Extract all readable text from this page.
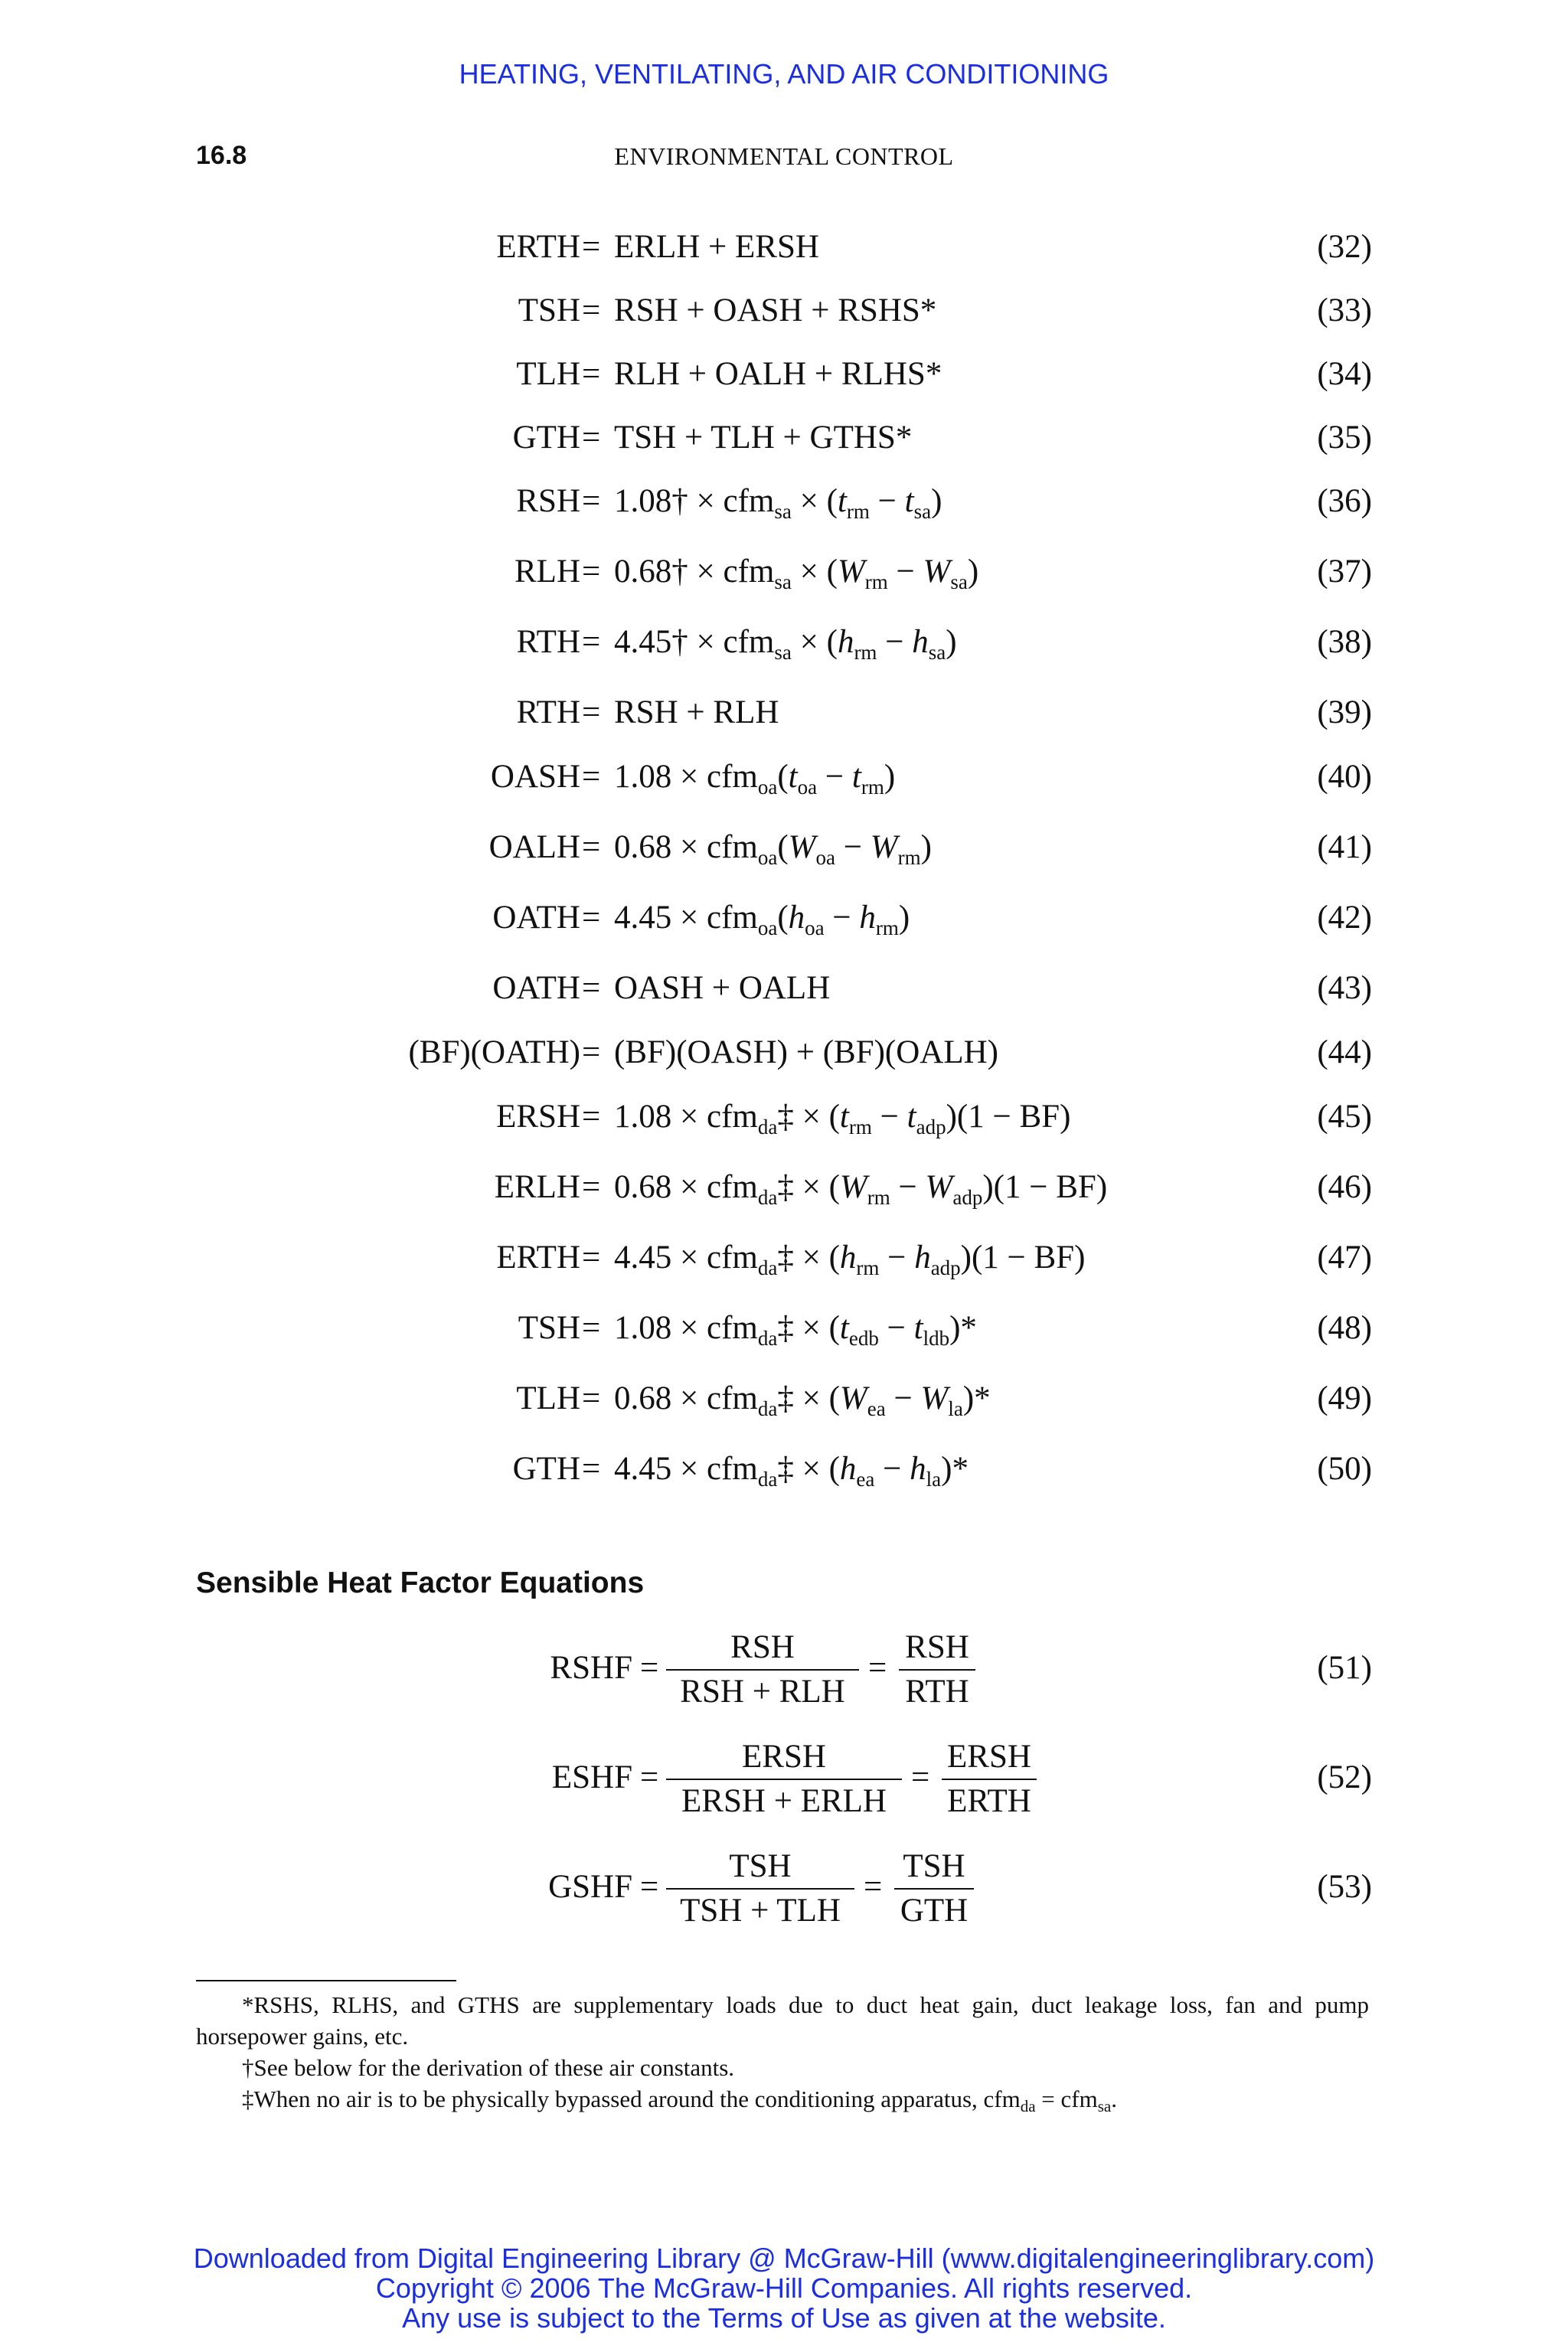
HEATING, VENTILATING, AND AIR CONDITIONING
16.8	ENVIRONMENTAL CONTROL
ERTH = ERLH + ERSH	(32)
TSH = RSH + OASH + RSHS*	(33)
TLH = RLH + OALH + RLHS*	(34)
GTH = TSH + TLH + GTHS*	(35)
RSH = 1.08† × $cfm_{sa} \times (t_{rm} - t_{sa})$	(36)
RLH = 0.68† × $cfm_{sa} \times (W_{rm} - W_{sa})$	(37)
RTH = 4.45† × $cfm_{sa} \times (h_{rm} - h_{sa})$	(38)
RTH = RSH + RLH	(39)
OASH = $1.08 \times cfm_{oa}(t_{oa} - t_{rm})$	(40)
OALH = $0.68 \times cfm_{oa}(W_{oa} - W_{rm})$	(41)
OATH = $4.45 \times cfm_{oa}(h_{oa} - h_{rm})$	(42)
OATH = OASH + OALH	(43)
(BF)(OATH) = (BF)(OASH) + (BF)(OALH)	(44)
ERSH = 1.08 × cfm$_{da}$‡ × $(t_{rm} - t_{adp})(1 - BF)$	(45)
ERLH = 0.68 × cfm$_{da}$‡ × $(W_{rm} - W_{adp})(1 - BF)$	(46)
ERTH = 4.45 × cfm$_{da}$‡ × $(h_{rm} - h_{adp})(1 - BF)$	(47)
TSH = 1.08 × cfm$_{da}$‡ × $(t_{edb} - t_{ldb})*$	(48)
TLH = 0.68 × cfm$_{da}$‡ × $(W_{ea} - W_{la})*$	(49)
GTH = 4.45 × cfm$_{da}$‡ × $(h_{ea} - h_{la})*$	(50)
Sensible Heat Factor Equations
RSHF =
RSH
RSH + RLH
=
RSH
RTH
(51)
ESHF =
ERSH
ERSH + ERLH
=
ERSH
ERTH
(52)
GSHF =
TSH
TSH + TLH
=
TSH
GTH
(53)

*RSHS, RLHS, and GTHS are supplementary loads due to duct heat gain, duct leakage loss, fan and pump horsepower gains, etc.

†See below for the derivation of these air constants.

‡When no air is to be physically bypassed around the conditioning apparatus, cfm$_{da}$ = cfm$_{sa}$.

Downloaded from Digital Engineering Library @ McGraw-Hill (www.digitalengineeringlibrary.com)
Copyright © 2006 The McGraw-Hill Companies. All rights reserved.
Any use is subject to the Terms of Use as given at the website.
